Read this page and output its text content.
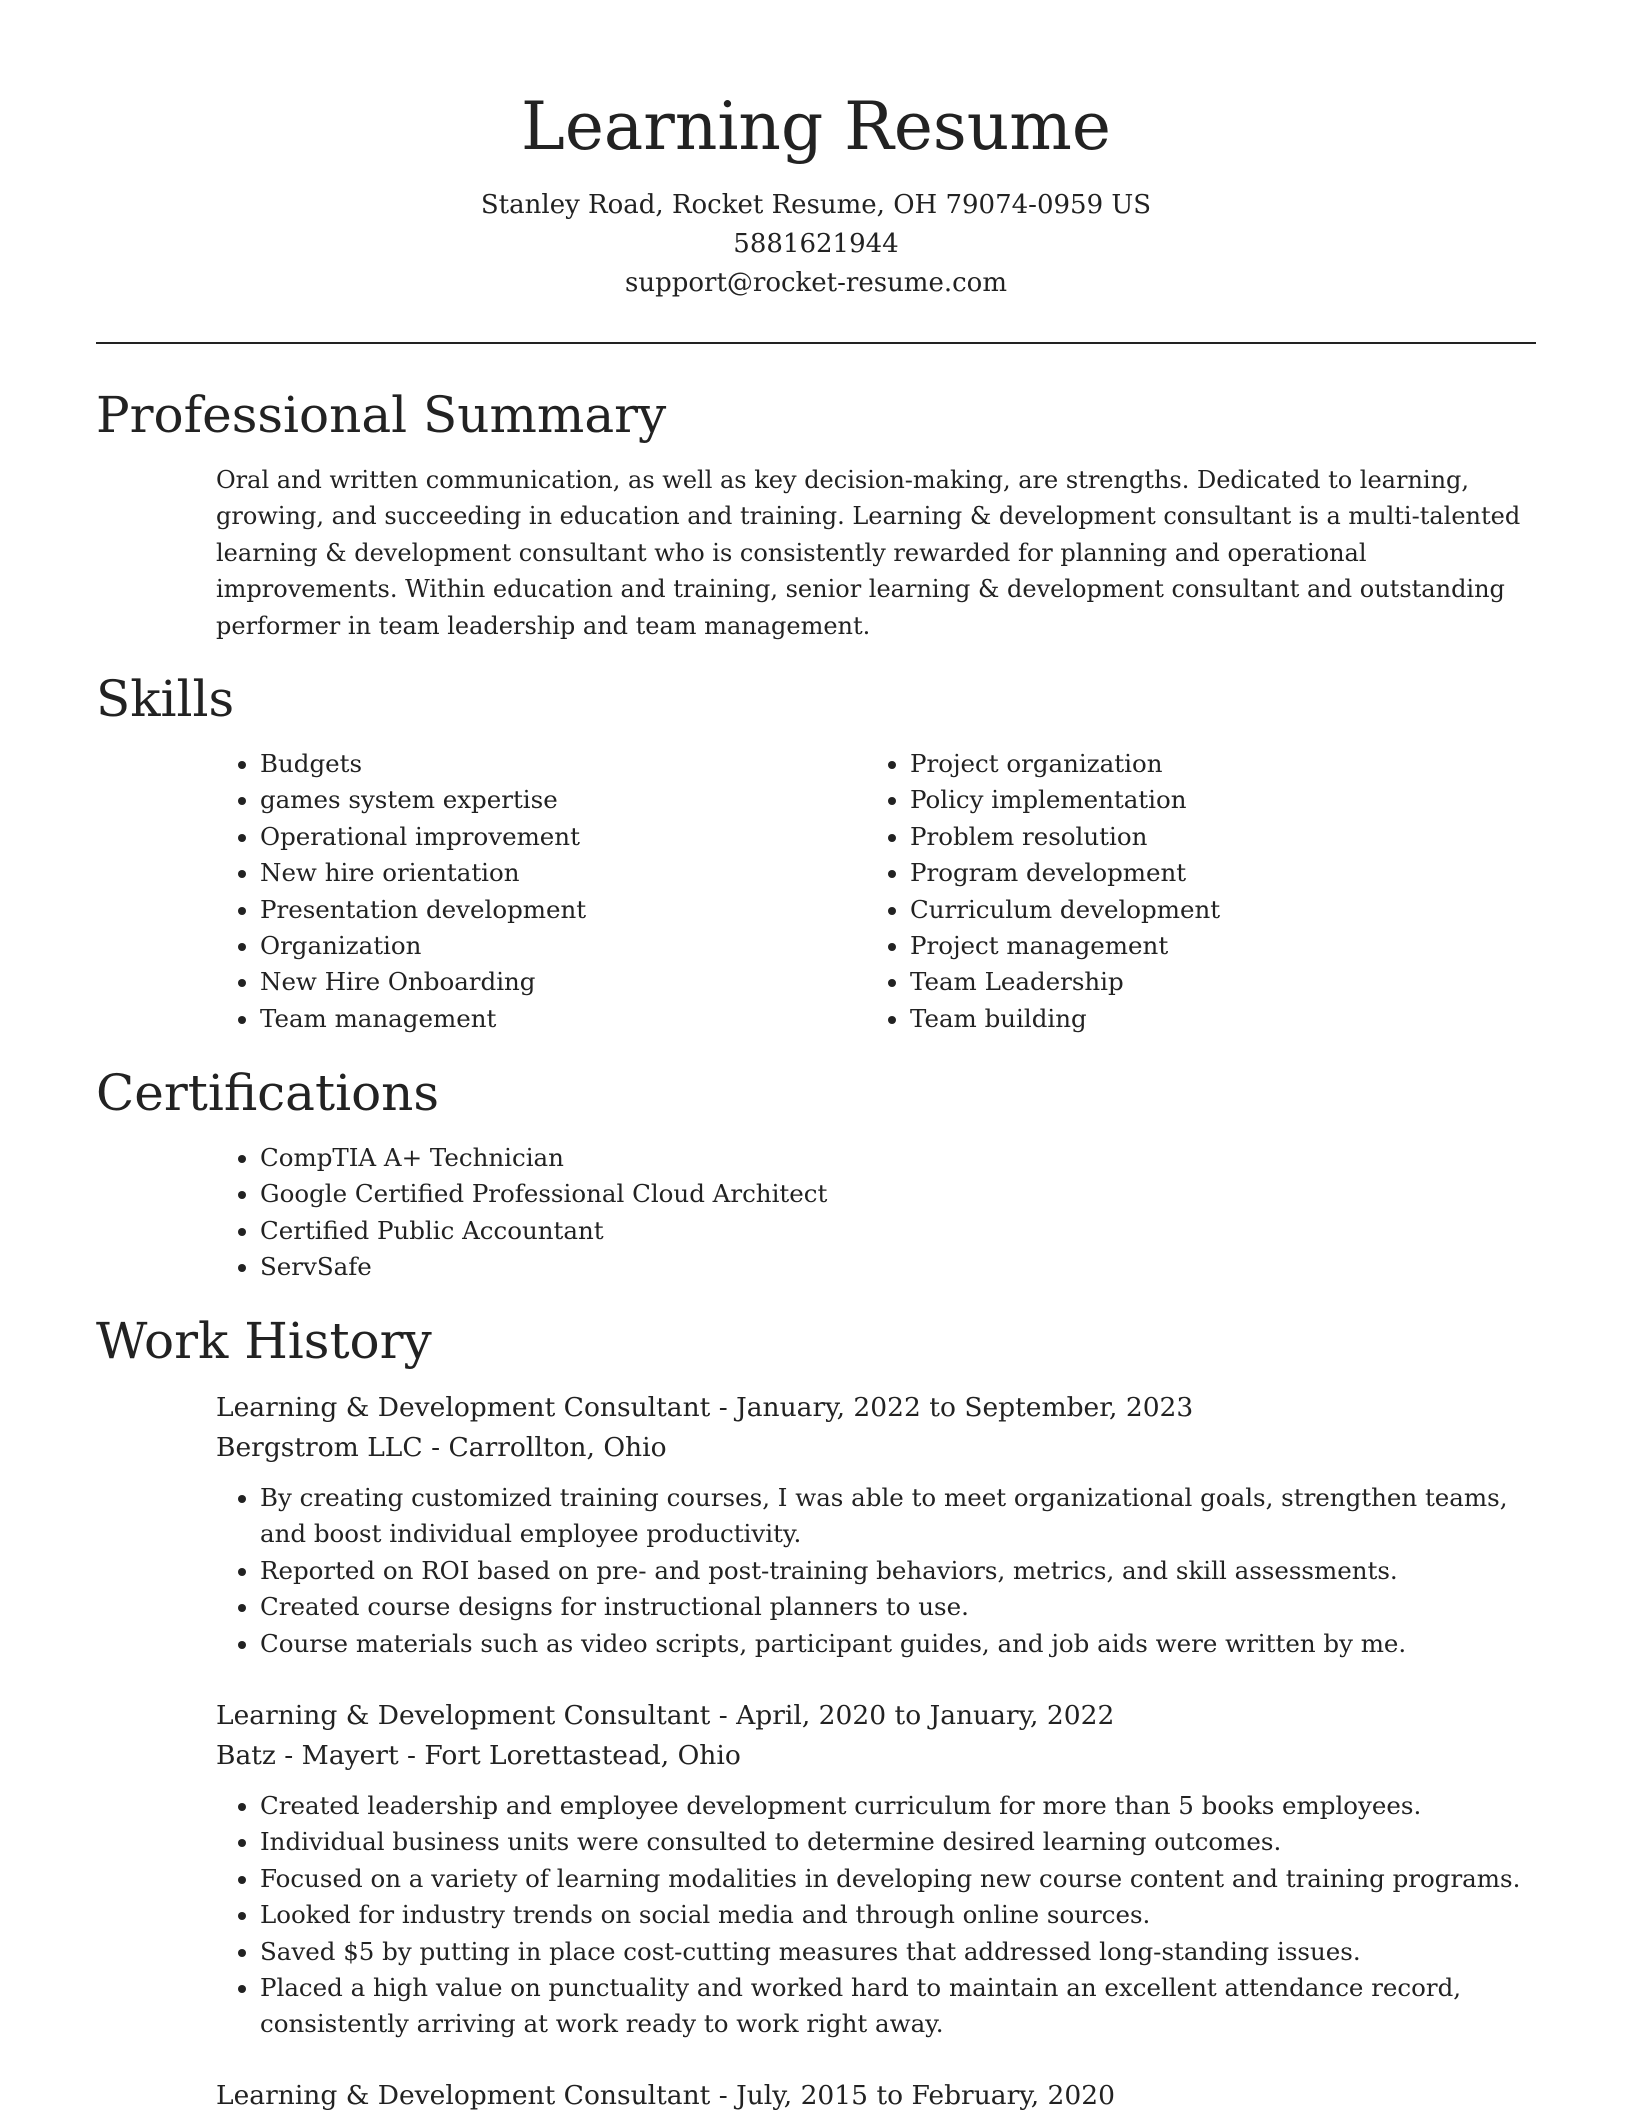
Learning Resume

Stanley Road, Rocket Resume, OH 79074-0959 US

5881621944

support@rocket-resume.com

Professional Summary

Oral and written communication, as well as key decision-making, are strengths. Dedicated to learning, growing, and succeeding in education and training. Learning & development consultant is a multi-talented learning & development consultant who is consistently rewarded for planning and operational improvements. Within education and training, senior learning & development consultant and outstanding performer in team leadership and team management.

Skills
• Budgets
• games system expertise
• Operational improvement
• New hire orientation
• Presentation development
• Organization
• New Hire Onboarding
• Team management
• Project organization
• Policy implementation
• Problem resolution
• Program development
• Curriculum development
• Project management
• Team Leadership
• Team building
Certifications
• CompTIA A+ Technician
• Google Certified Professional Cloud Architect
• Certified Public Accountant
• ServSafe
Work History

Learning & Development Consultant - January, 2022 to September, 2023

Bergstrom LLC - Carrollton, Ohio

• By creating customized training courses, I was able to meet organizational goals, strengthen teams, and boost individual employee productivity.
• Reported on ROI based on pre- and post-training behaviors, metrics, and skill assessments.
• Created course designs for instructional planners to use.
• Course materials such as video scripts, participant guides, and job aids were written by me.

Learning & Development Consultant - April, 2020 to January, 2022

Batz - Mayert - Fort Lorettastead, Ohio

• Created leadership and employee development curriculum for more than 5 books employees.
• Individual business units were consulted to determine desired learning outcomes.
• Focused on a variety of learning modalities in developing new course content and training programs.
• Looked for industry trends on social media and through online sources.
• Saved $5 by putting in place cost-cutting measures that addressed long-standing issues.
• Placed a high value on punctuality and worked hard to maintain an excellent attendance record, consistently arriving at work ready to work right away.

Learning & Development Consultant - July, 2015 to February, 2020
